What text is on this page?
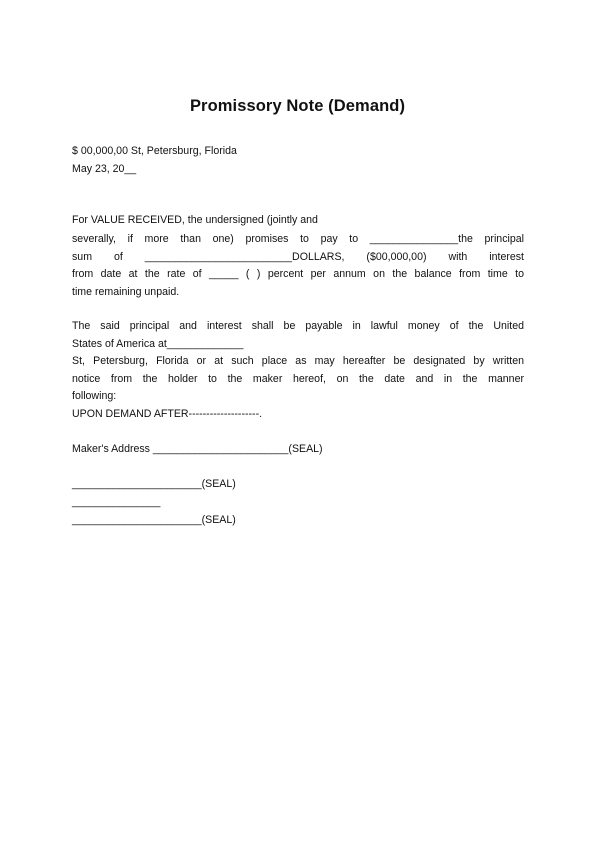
Promissory Note (Demand)
$ 00,000,00 St, Petersburg, Florida
May 23, 20__
For VALUE RECEIVED, the undersigned (jointly and
severally, if more than one) promises to pay to _______________the principal
sum of _________________________DOLLARS, ($00,000,00) with interest
from date at the rate of _____ ( ) percent per annum on the balance from time to
time remaining unpaid.
The said principal and interest shall be payable in lawful money of the United
States of America at_____________
St, Petersburg, Florida or at such place as may hereafter be designated by written
notice from the holder to the maker hereof, on the date and in the manner
following:
UPON DEMAND AFTER--------------------.
Maker's Address _______________________(SEAL)
______________________(SEAL)
_______________
______________________(SEAL)
